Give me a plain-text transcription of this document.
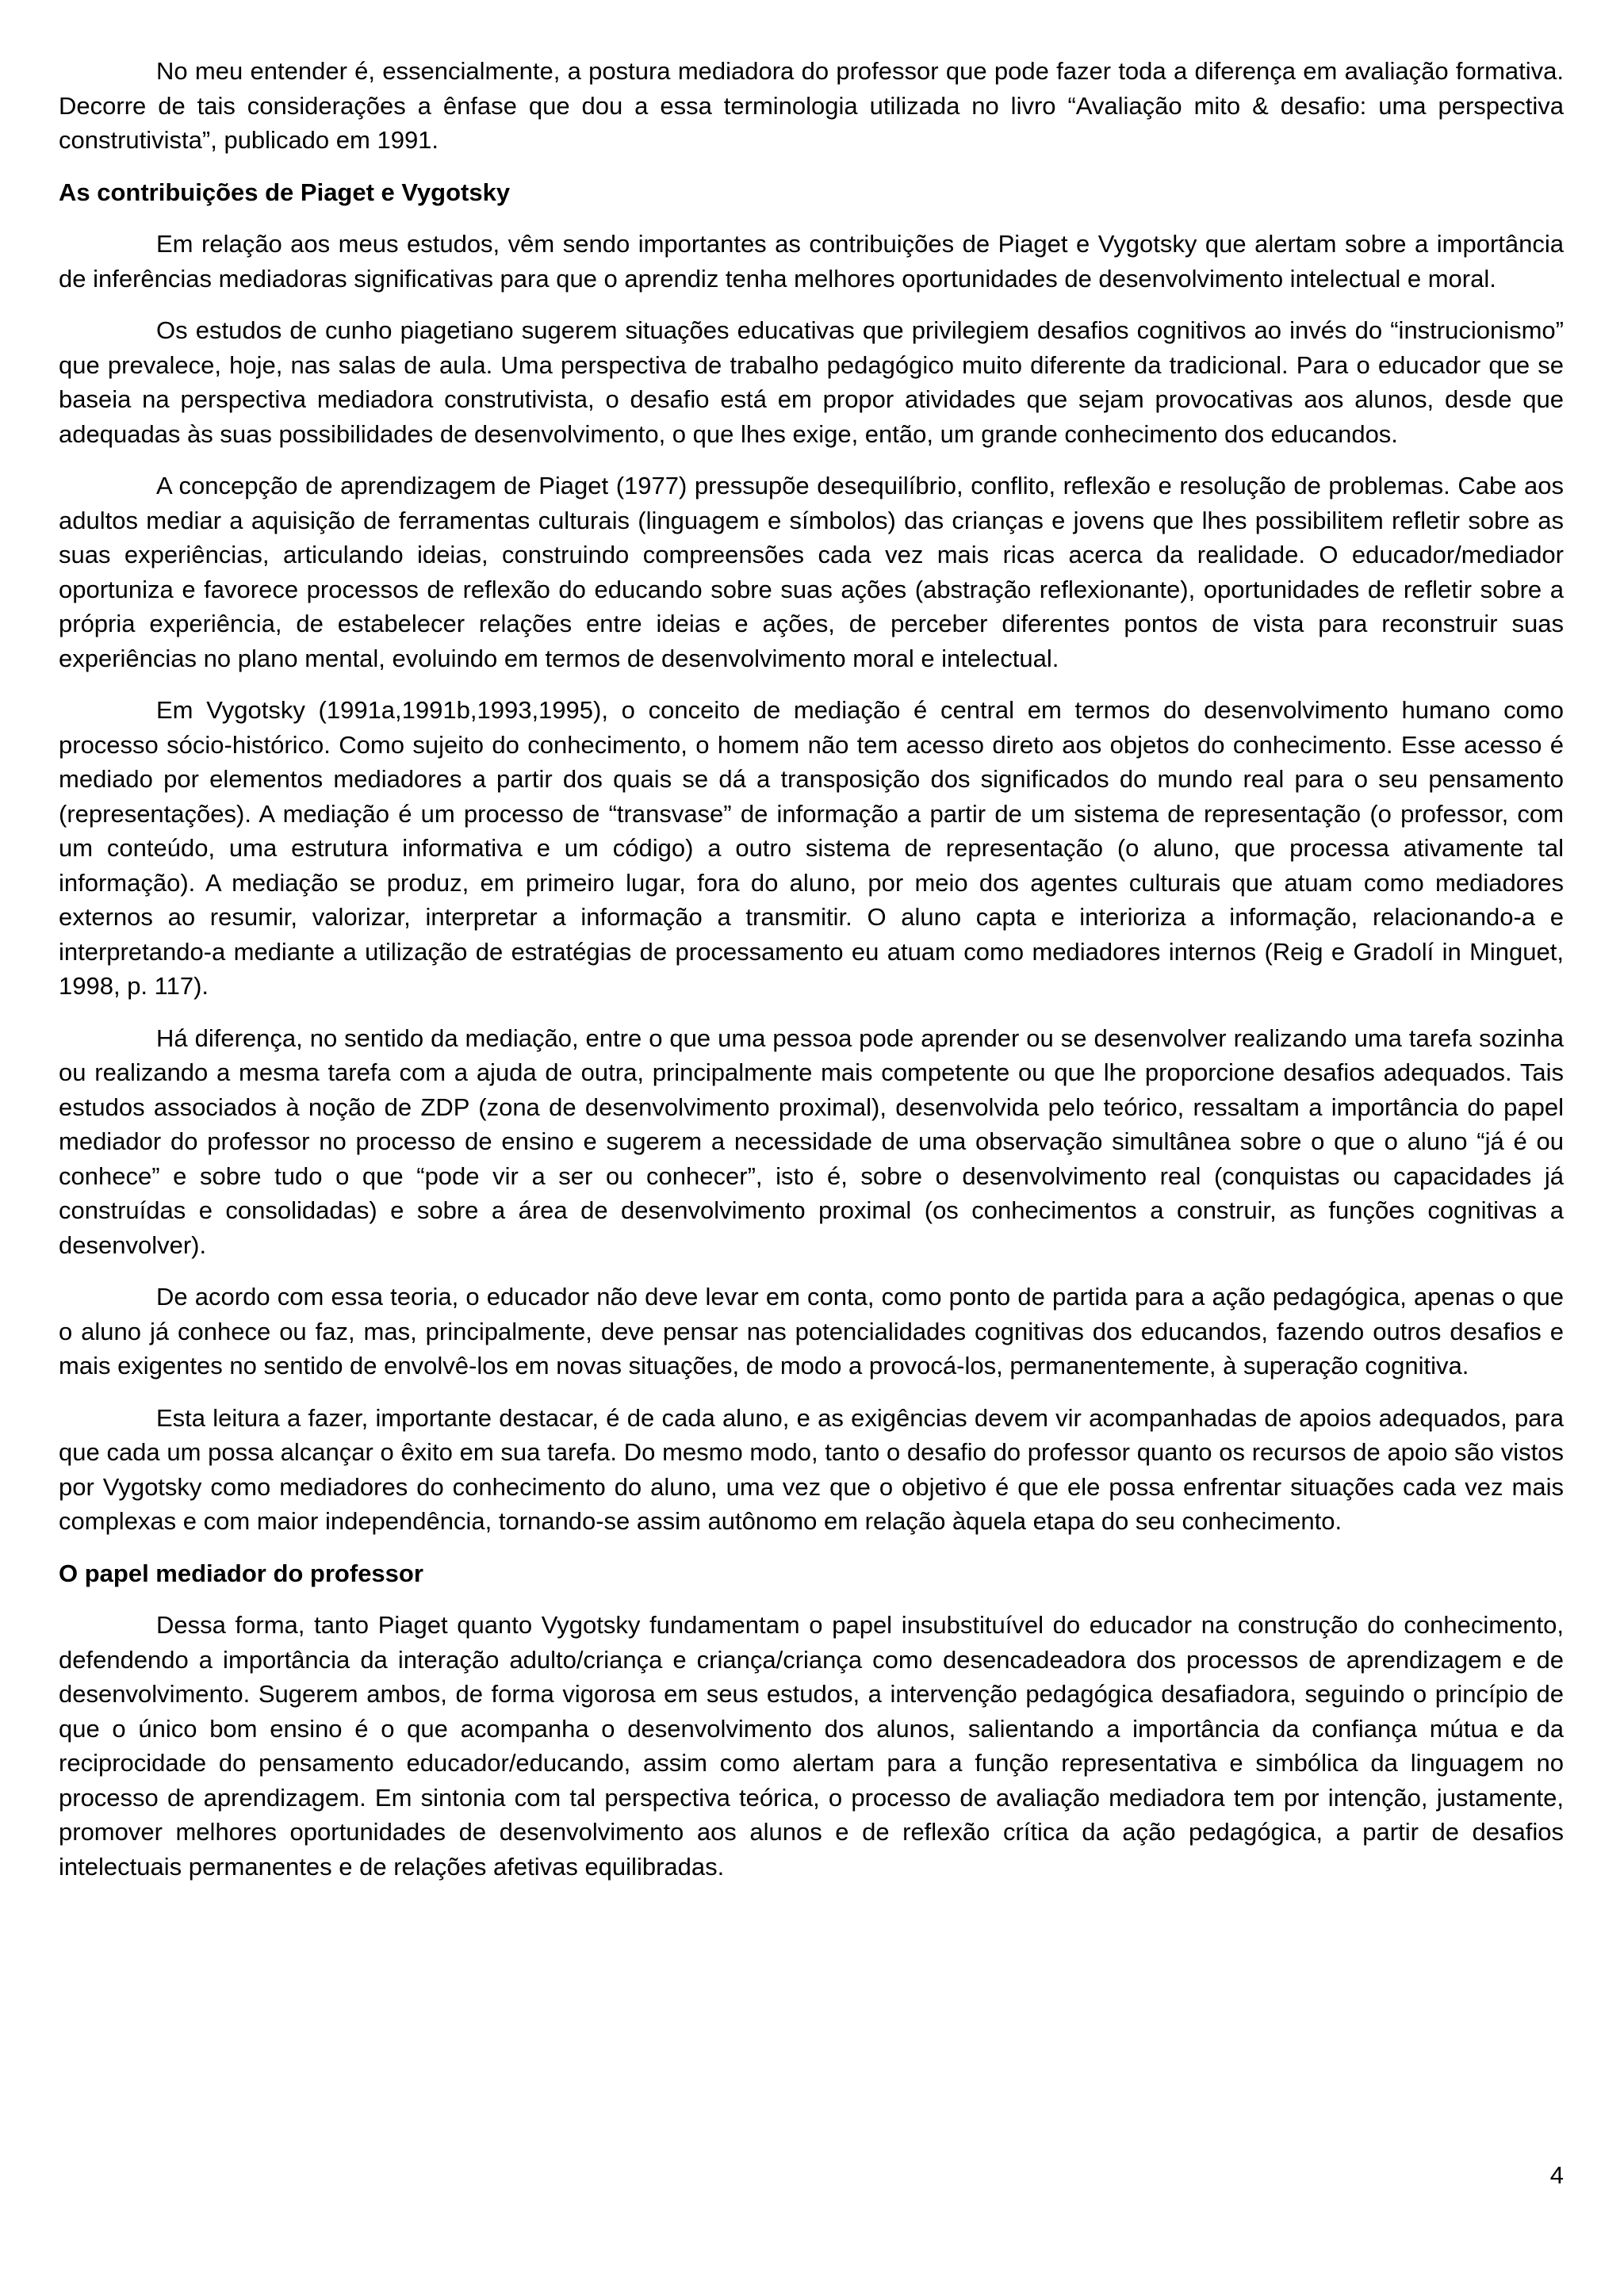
No meu entender é, essencialmente, a postura mediadora do professor que pode fazer toda a diferença em avaliação formativa. Decorre de tais considerações a ênfase que dou a essa terminologia utilizada no livro “Avaliação mito & desafio: uma perspectiva construtivista”, publicado em 1991.

As contribuições de Piaget e Vygotsky

Em relação aos meus estudos, vêm sendo importantes as contribuições de Piaget e Vygotsky que alertam sobre a importância de inferências mediadoras significativas para que o aprendiz tenha melhores oportunidades de desenvolvimento intelectual e moral.

Os estudos de cunho piagetiano sugerem situações educativas que privilegiem desafios cognitivos ao invés do “instrucionismo” que prevalece, hoje, nas salas de aula. Uma perspectiva de trabalho pedagógico muito diferente da tradicional. Para o educador que se baseia na perspectiva mediadora construtivista, o desafio está em propor atividades que sejam provocativas aos alunos, desde que adequadas às suas possibilidades de desenvolvimento, o que lhes exige, então, um grande conhecimento dos educandos.

A concepção de aprendizagem de Piaget (1977) pressupõe desequilíbrio, conflito, reflexão e resolução de problemas. Cabe aos adultos mediar a aquisição de ferramentas culturais (linguagem e símbolos) das crianças e jovens que lhes possibilitem refletir sobre as suas experiências, articulando ideias, construindo compreensões cada vez mais ricas acerca da realidade. O educador/mediador oportuniza e favorece processos de reflexão do educando sobre suas ações (abstração reflexionante), oportunidades de refletir sobre a própria experiência, de estabelecer relações entre ideias e ações, de perceber diferentes pontos de vista para reconstruir suas experiências no plano mental, evoluindo em termos de desenvolvimento moral e intelectual.

Em Vygotsky (1991a,1991b,1993,1995), o conceito de mediação é central em termos do desenvolvimento humano como processo sócio-histórico. Como sujeito do conhecimento, o homem não tem acesso direto aos objetos do conhecimento. Esse acesso é mediado por elementos mediadores a partir dos quais se dá a transposição dos significados do mundo real para o seu pensamento (representações). A mediação é um processo de “transvase” de informação a partir de um sistema de representação (o professor, com um conteúdo, uma estrutura informativa e um código) a outro sistema de representação (o aluno, que processa ativamente tal informação). A mediação se produz, em primeiro lugar, fora do aluno, por meio dos agentes culturais que atuam como mediadores externos ao resumir, valorizar, interpretar a informação a transmitir. O aluno capta e interioriza a informação, relacionando-a e interpretando-a mediante a utilização de estratégias de processamento eu atuam como mediadores internos (Reig e Gradolí in Minguet, 1998, p. 117).

Há diferença, no sentido da mediação, entre o que uma pessoa pode aprender ou se desenvolver realizando uma tarefa sozinha ou realizando a mesma tarefa com a ajuda de outra, principalmente mais competente ou que lhe proporcione desafios adequados. Tais estudos associados à noção de ZDP (zona de desenvolvimento proximal), desenvolvida pelo teórico, ressaltam a importância do papel mediador do professor no processo de ensino e sugerem a necessidade de uma observação simultânea sobre o que o aluno “já é ou conhece” e sobre tudo o que “pode vir a ser ou conhecer”, isto é, sobre o desenvolvimento real (conquistas ou capacidades já construídas e consolidadas) e sobre a área de desenvolvimento proximal (os conhecimentos a construir, as funções cognitivas a desenvolver).

De acordo com essa teoria, o educador não deve levar em conta, como ponto de partida para a ação pedagógica, apenas o que o aluno já conhece ou faz, mas, principalmente, deve pensar nas potencialidades cognitivas dos educandos, fazendo outros desafios e mais exigentes no sentido de envolvê-los em novas situações, de modo a provocá-los, permanentemente, à superação cognitiva.

Esta leitura a fazer, importante destacar, é de cada aluno, e as exigências devem vir acompanhadas de apoios adequados, para que cada um possa alcançar o êxito em sua tarefa. Do mesmo modo, tanto o desafio do professor quanto os recursos de apoio são vistos por Vygotsky como mediadores do conhecimento do aluno, uma vez que o objetivo é que ele possa enfrentar situações cada vez mais complexas e com maior independência, tornando-se assim autônomo em relação àquela etapa do seu conhecimento.

O papel mediador do professor

Dessa forma, tanto Piaget quanto Vygotsky fundamentam o papel insubstituível do educador na construção do conhecimento, defendendo a importância da interação adulto/criança e criança/criança como desencadeadora dos processos de aprendizagem e de desenvolvimento. Sugerem ambos, de forma vigorosa em seus estudos, a intervenção pedagógica desafiadora, seguindo o princípio de que o único bom ensino é o que acompanha o desenvolvimento dos alunos, salientando a importância da confiança mútua e da reciprocidade do pensamento educador/educando, assim como alertam para a função representativa e simbólica da linguagem no processo de aprendizagem. Em sintonia com tal perspectiva teórica, o processo de avaliação mediadora tem por intenção, justamente, promover melhores oportunidades de desenvolvimento aos alunos e de reflexão crítica da ação pedagógica, a partir de desafios intelectuais permanentes e de relações afetivas equilibradas.

4
